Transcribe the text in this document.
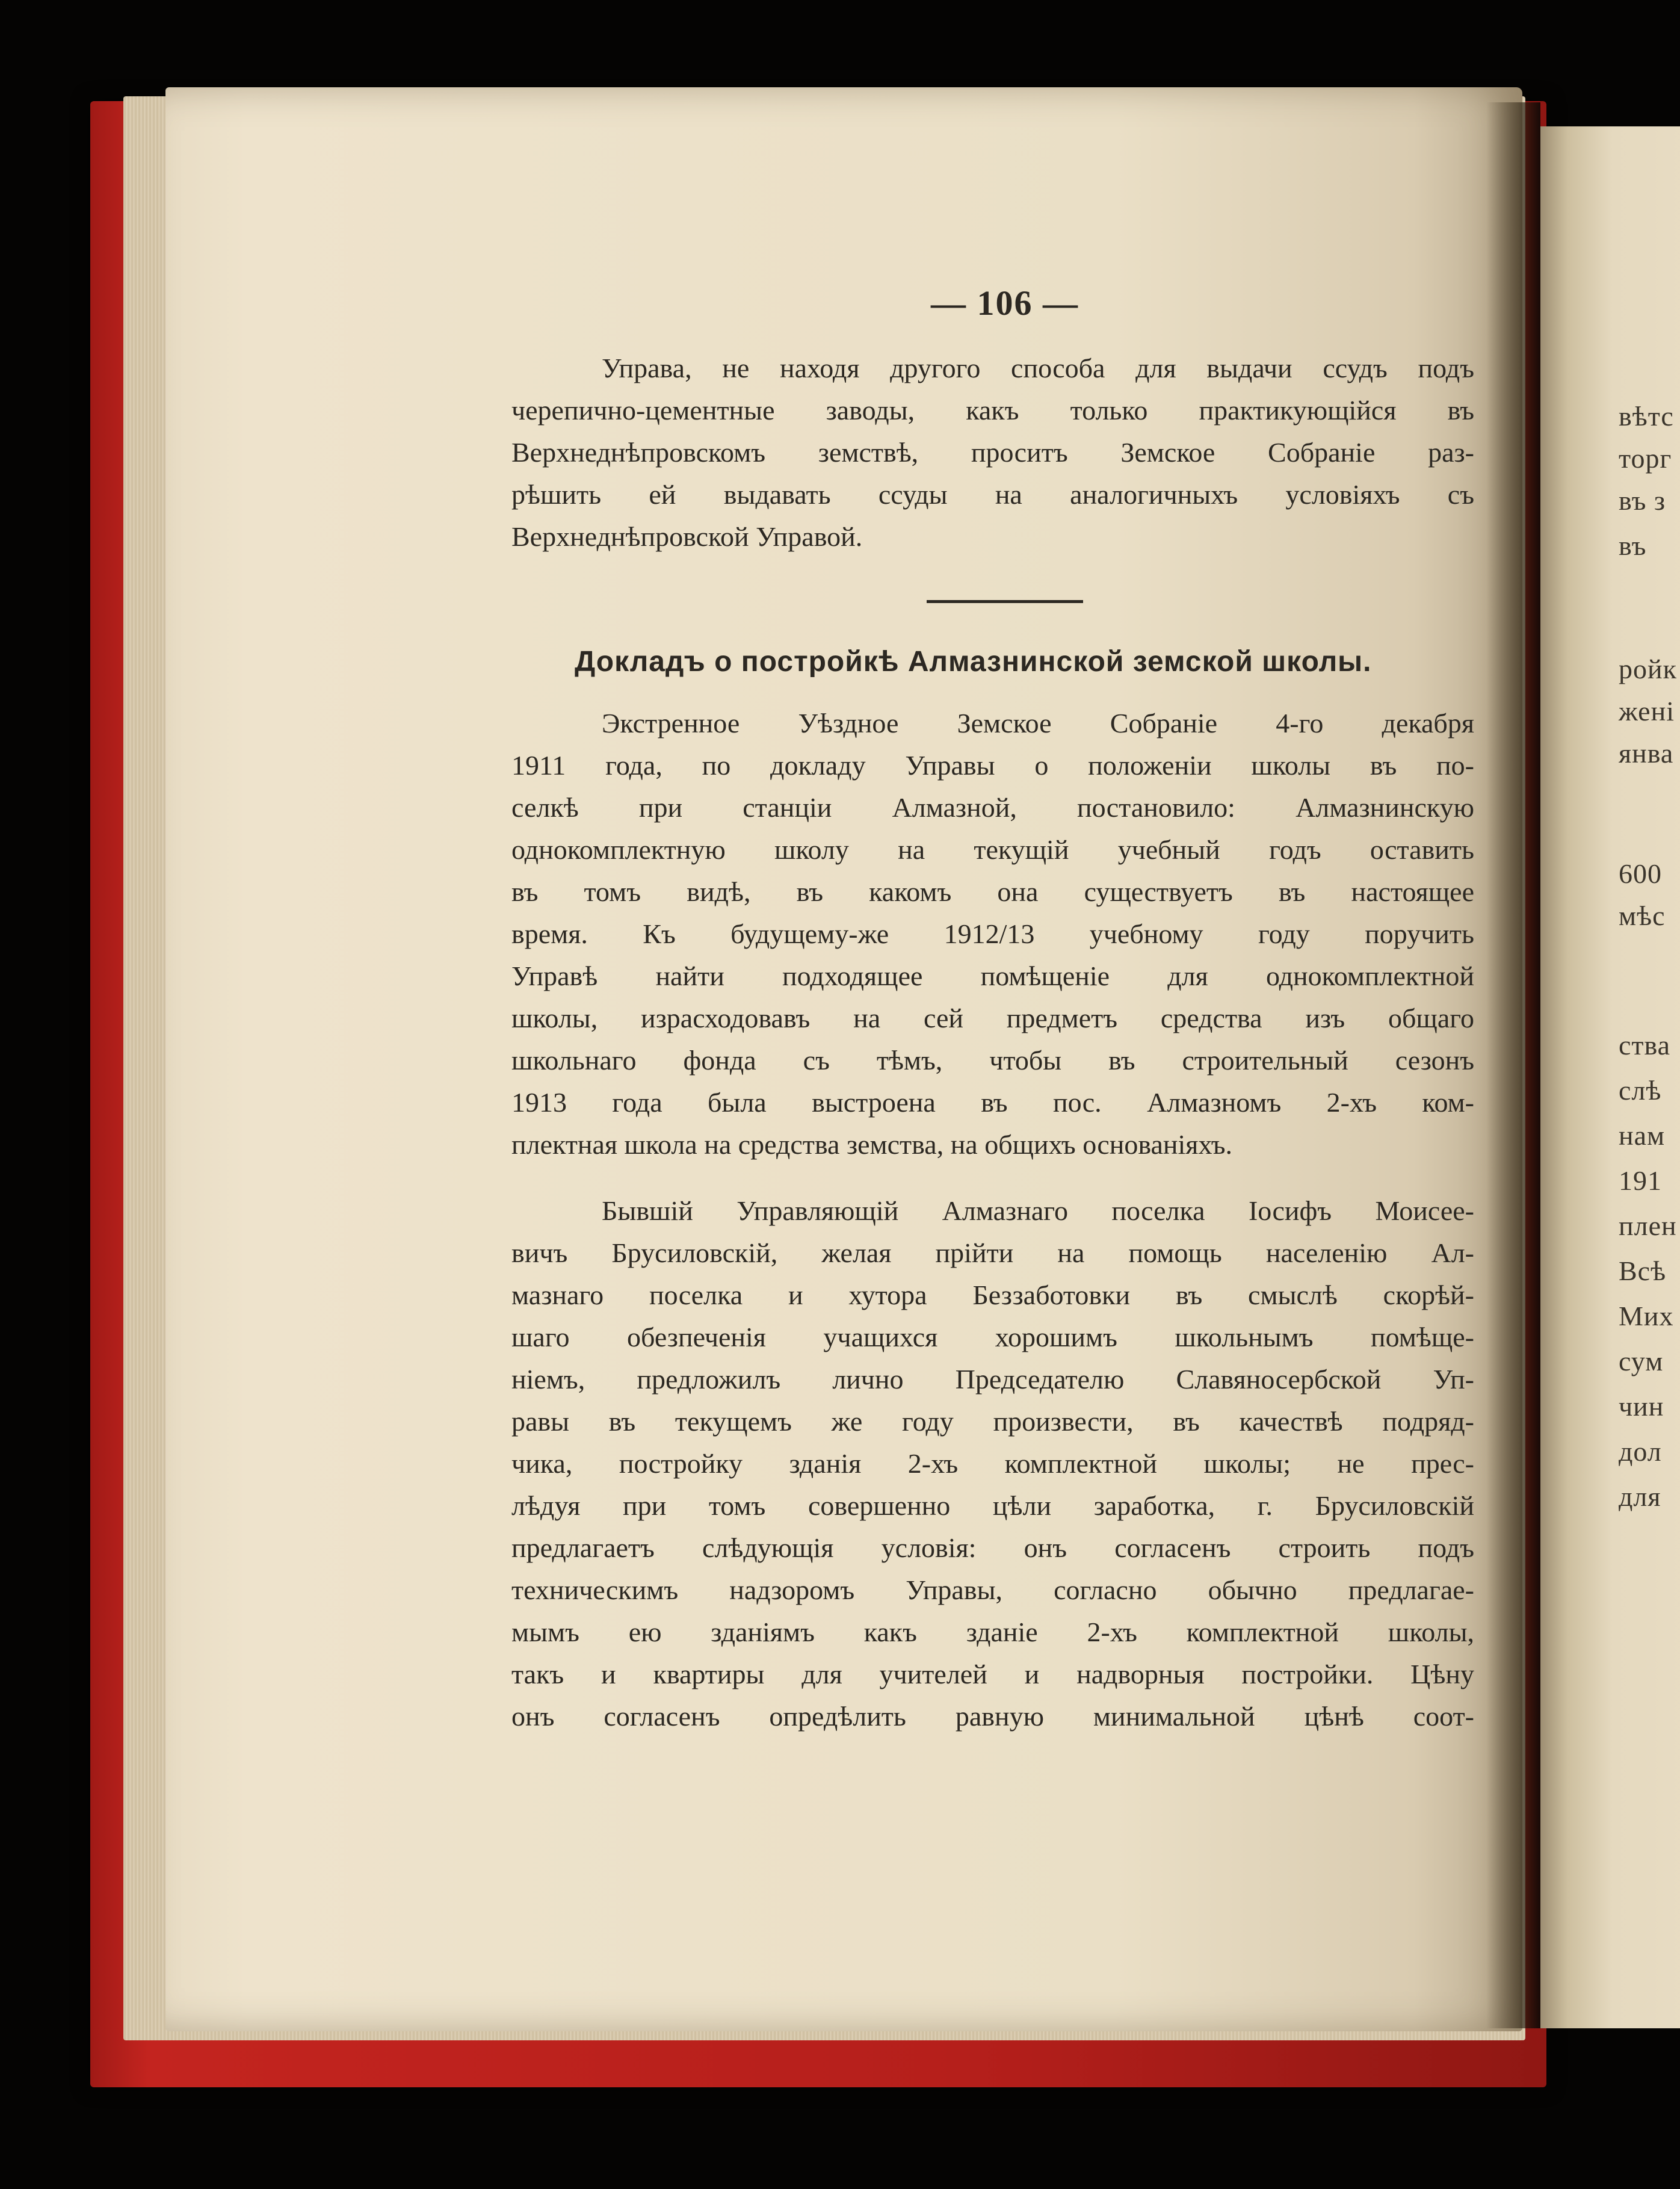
вѣтс
торг
въ з
въ
ройк
женi
янва
600
мѣс
ства
слѣ
нам
191
плен
Всѣ
Мих
сум
чин
дол
для
— 106 —
Управа, не находя другого способа для выдачи ссудъ подъ
черепично-цементные заводы, какъ только практикующiйся въ
Верхнеднѣпровскомъ земствѣ, проситъ Земское Собранiе раз-
рѣшить ей выдавать ссуды на аналогичныхъ условiяхъ съ
Верхнеднѣпровской Управой.
Докладъ о постройкѣ Алмазнинской земской школы.
Экстренное Уѣздное Земское Собранiе 4-го декабря
1911 года, по докладу Управы о положенiи школы въ по-
селкѣ при станцiи Алмазной, постановило: Алмазнинскую
однокомплектную школу на текущiй учебный годъ оставить
въ томъ видѣ, въ какомъ она существуетъ въ настоящее
время. Къ будущему-же 1912/13 учебному году поручить
Управѣ найти подходящее помѣщенiе для однокомплектной
школы, израсходовавъ на сей предметъ средства изъ общаго
школьнаго фонда съ тѣмъ, чтобы въ строительный сезонъ
1913 года была выстроена въ пос. Алмазномъ 2-хъ ком-
плектная школа на средства земства, на общихъ основанiяхъ.
Бывшiй Управляющiй Алмазнаго поселка Iосифъ Моисее-
вичъ Брусиловскiй, желая прiйти на помощь населенiю Ал-
мазнаго поселка и хутора Беззаботовки въ смыслѣ скорѣй-
шаго обезпеченiя учащихся хорошимъ школьнымъ помѣще-
нiемъ, предложилъ лично Председателю Славяносербской Уп-
равы въ текущемъ же году произвести, въ качествѣ подряд-
чика, постройку зданiя 2-хъ комплектной школы; не прес-
лѣдуя при томъ совершенно цѣли заработка, г. Брусиловскiй
предлагаетъ слѣдующiя условiя: онъ согласенъ строить подъ
техническимъ надзоромъ Управы, согласно обычно предлагае-
мымъ ею зданiямъ какъ зданiе 2-хъ комплектной школы,
такъ и квартиры для учителей и надворныя постройки. Цѣну
онъ согласенъ опредѣлить равную минимальной цѣнѣ соот-
